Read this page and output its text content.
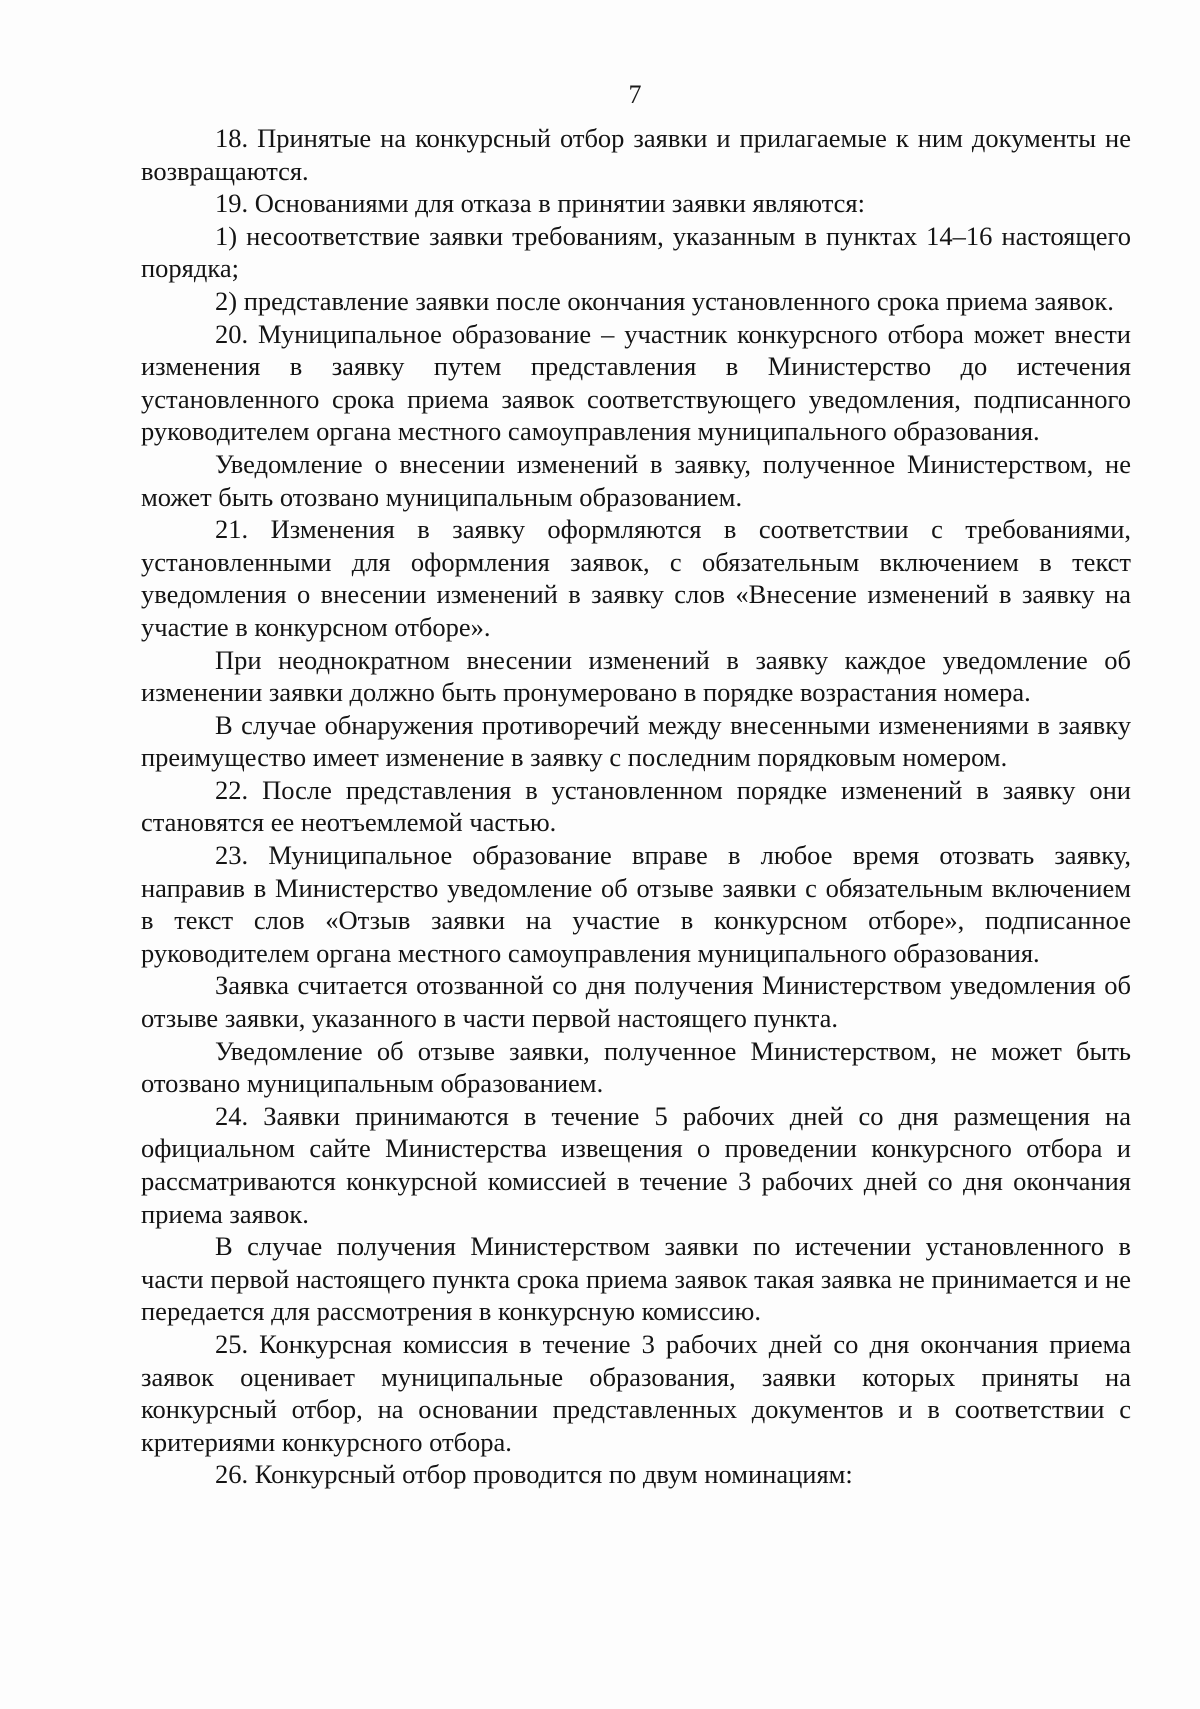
7

18. Принятые на конкурсный отбор заявки и прилагаемые к ним документы не возвращаются.

19. Основаниями для отказа в принятии заявки являются:

1) несоответствие заявки требованиям, указанным в пунктах 14–16 настоящего порядка;

2) представление заявки после окончания установленного срока приема заявок.

20. Муниципальное образование – участник конкурсного отбора может внести изменения в заявку путем представления в Министерство до истечения установленного срока приема заявок соответствующего уведомления, подписанного руководителем органа местного самоуправления муниципального образования.

Уведомление о внесении изменений в заявку, полученное Министерством, не может быть отозвано муниципальным образованием.

21. Изменения в заявку оформляются в соответствии с требованиями, установленными для оформления заявок, с обязательным включением в текст уведомления о внесении изменений в заявку слов «Внесение изменений в заявку на участие в конкурсном отборе».

При неоднократном внесении изменений в заявку каждое уведомление об изменении заявки должно быть пронумеровано в порядке возрастания номера.

В случае обнаружения противоречий между внесенными изменениями в заявку преимущество имеет изменение в заявку с последним порядковым номером.

22. После представления в установленном порядке изменений в заявку они становятся ее неотъемлемой частью.

23. Муниципальное образование вправе в любое время отозвать заявку, направив в Министерство уведомление об отзыве заявки с обязательным включением в текст слов «Отзыв заявки на участие в конкурсном отборе», подписанное руководителем органа местного самоуправления муниципального образования.

Заявка считается отозванной со дня получения Министерством уведомления об отзыве заявки, указанного в части первой настоящего пункта.

Уведомление об отзыве заявки, полученное Министерством, не может быть отозвано муниципальным образованием.

24. Заявки принимаются в течение 5 рабочих дней со дня размещения на официальном сайте Министерства извещения о проведении конкурсного отбора и рассматриваются конкурсной комиссией в течение 3 рабочих дней со дня окончания приема заявок.

В случае получения Министерством заявки по истечении установленного в части первой настоящего пункта срока приема заявок такая заявка не принимается и не передается для рассмотрения в конкурсную комиссию.

25. Конкурсная комиссия в течение 3 рабочих дней со дня окончания приема заявок оценивает муниципальные образования, заявки которых приняты на конкурсный отбор, на основании представленных документов и в соответствии с критериями конкурсного отбора.

26. Конкурсный отбор проводится по двум номинациям:
